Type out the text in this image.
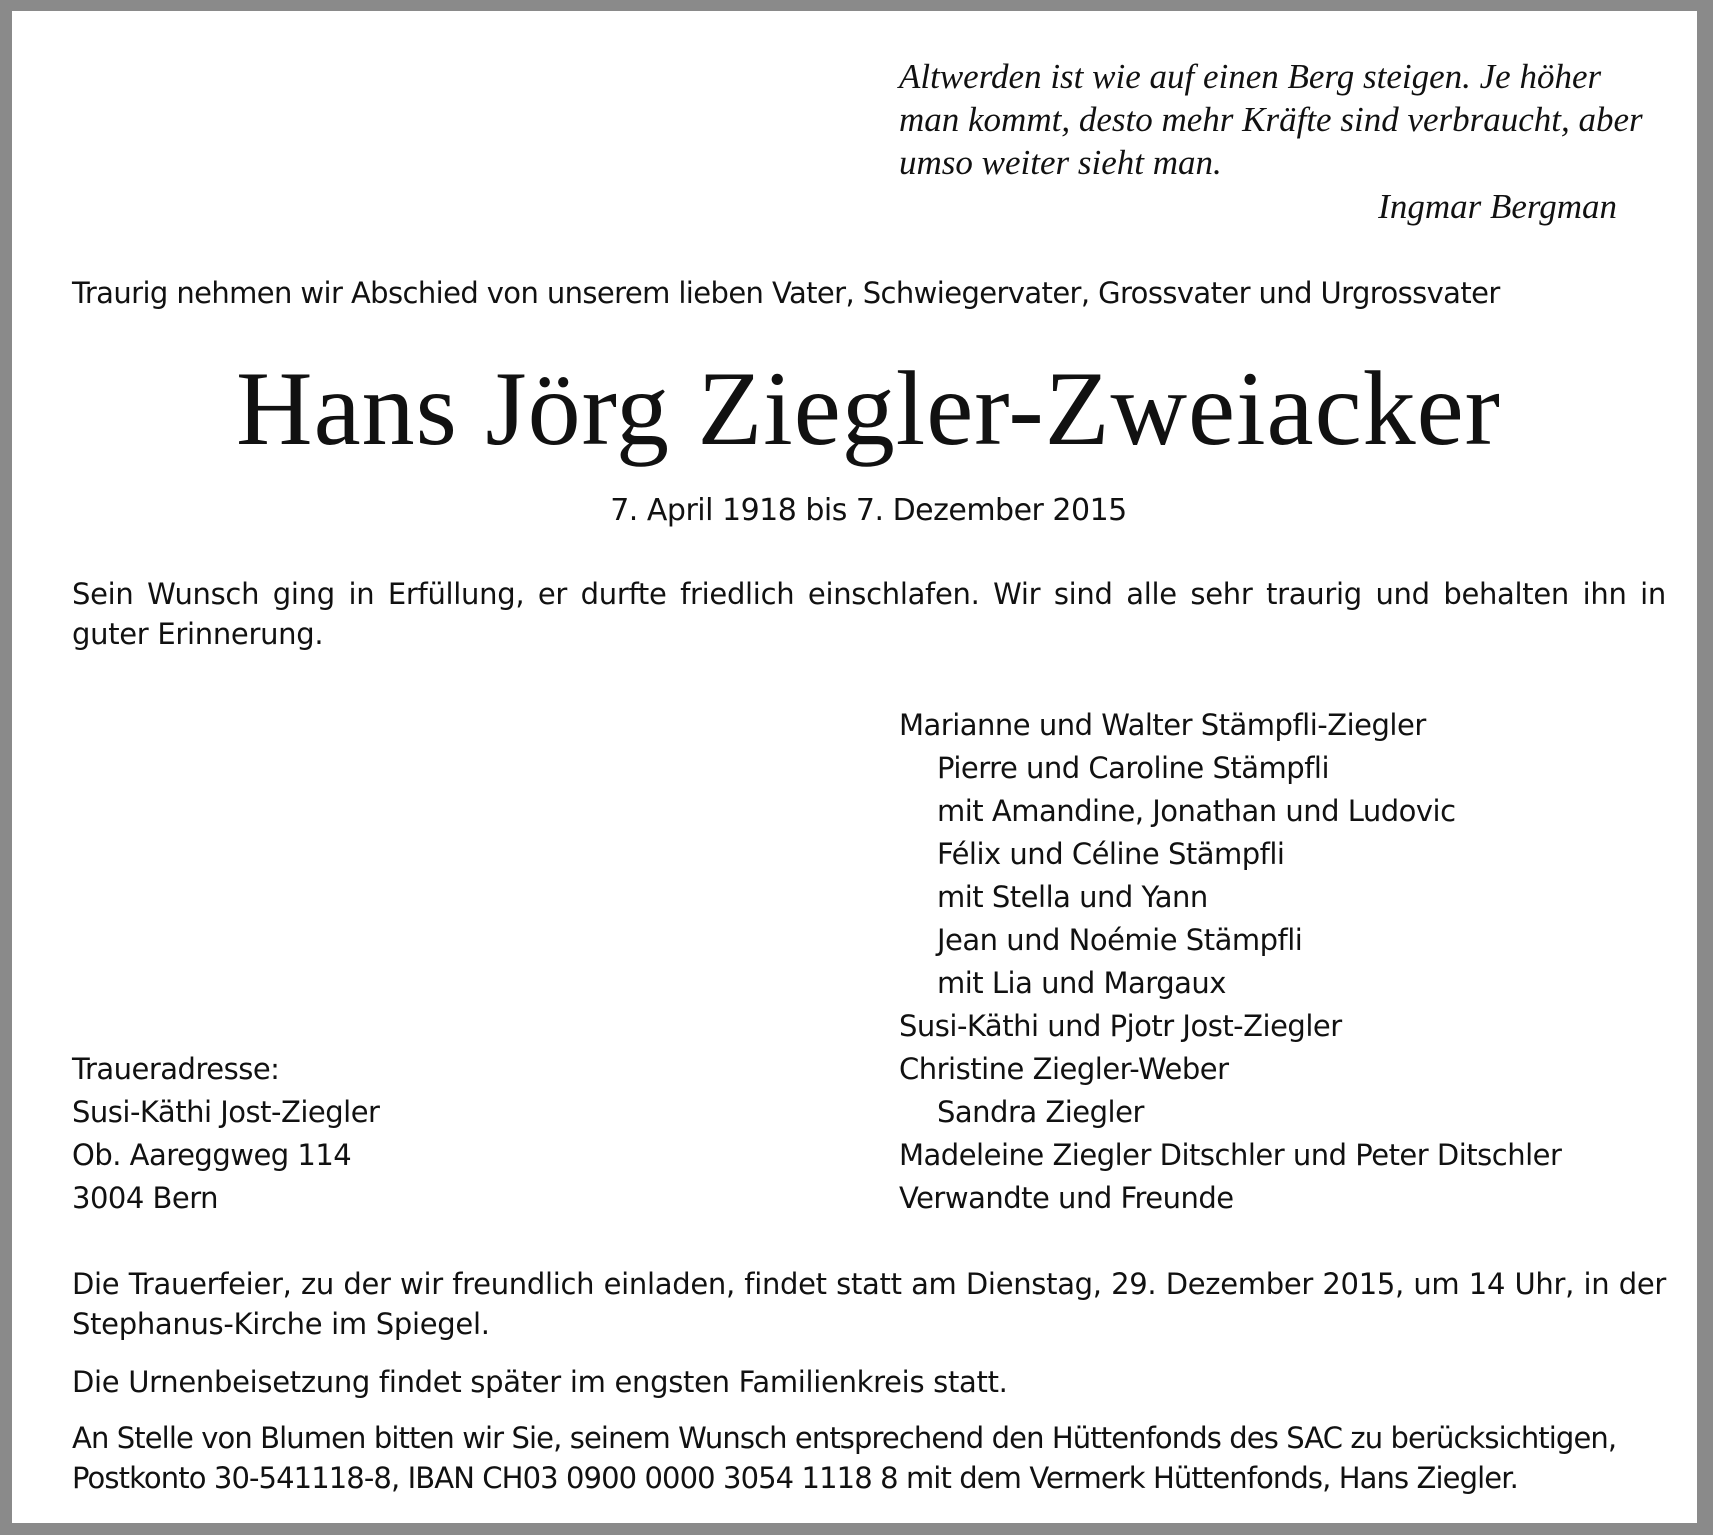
Altwerden ist wie auf einen Berg steigen. Je höher man kommt, desto mehr Kräfte sind verbraucht, aber umso weiter sieht man.
Ingmar Bergman
Traurig nehmen wir Abschied von unserem lieben Vater, Schwiegervater, Grossvater und Urgrossvater
Hans Jörg Ziegler-Zweiacker
7. April 1918 bis 7. Dezember 2015
Sein Wunsch ging in Erfüllung, er durfte friedlich einschlafen. Wir sind alle sehr traurig und behalten ihn in guter Erinnerung.
Marianne und Walter Stämpfli-Ziegler
Pierre und Caroline Stämpfli
mit Amandine, Jonathan und Ludovic
Félix und Céline Stämpfli
mit Stella und Yann
Jean und Noémie Stämpfli
mit Lia und Margaux
Susi-Käthi und Pjotr Jost-Ziegler
Christine Ziegler-Weber
Sandra Ziegler
Madeleine Ziegler Ditschler und Peter Ditschler
Verwandte und Freunde
Traueradresse:
Susi-Käthi Jost-Ziegler
Ob. Aareggweg 114
3004 Bern
Die Trauerfeier, zu der wir freundlich einladen, findet statt am Dienstag, 29. Dezember 2015, um 14 Uhr, in der Stephanus-Kirche im Spiegel.
Die Urnenbeisetzung findet später im engsten Familienkreis statt.
An Stelle von Blumen bitten wir Sie, seinem Wunsch entsprechend den Hüttenfonds des SAC zu berücksichtigen, Postkonto 30-541118-8, IBAN CH03 0900 0000 3054 1118 8 mit dem Vermerk Hüttenfonds, Hans Ziegler.
